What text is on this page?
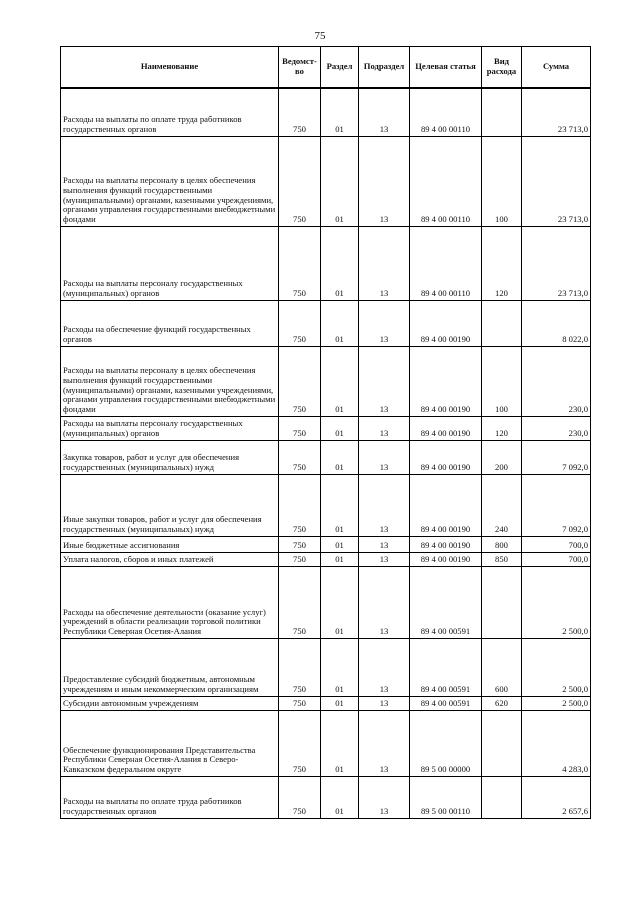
75
Наименование	Ведомст-во	Раздел	Подраздел	Целевая статья	Вид расхода	Сумма
Расходы на выплаты по оплате труда работников государственных органов	750	01	13	89 4 00 00110		23 713,0
Расходы на выплаты персоналу в целях обеспечения выполнения функций государственными (муниципальными) органами, казенными учреждениями, органами управления государственными внебюджетными фондами	750	01	13	89 4 00 00110	100	23 713,0
Расходы на выплаты персоналу государственных (муниципальных) органов	750	01	13	89 4 00 00110	120	23 713,0
Расходы на обеспечение функций государственных органов	750	01	13	89 4 00 00190		8 022,0
Расходы на выплаты персоналу в целях обеспечения выполнения функций государственными (муниципальными) органами, казенными учреждениями, органами управления государственными внебюджетными фондами	750	01	13	89 4 00 00190	100	230,0
Расходы на выплаты персоналу государственных (муниципальных) органов	750	01	13	89 4 00 00190	120	230,0
Закупка товаров, работ и услуг для обеспечения государственных (муниципальных) нужд	750	01	13	89 4 00 00190	200	7 092,0
Иные закупки товаров, работ и услуг для обеспечения государственных (муниципальных) нужд	750	01	13	89 4 00 00190	240	7 092,0
Иные бюджетные ассигнования	750	01	13	89 4 00 00190	800	700,0
Уплата налогов, сборов и иных платежей	750	01	13	89 4 00 00190	850	700,0
Расходы на обеспечение деятельности (оказание услуг) учреждений в области реализации торговой политики Республики Северная Осетия-Алания	750	01	13	89 4 00 00591		2 500,0
Предоставление субсидий бюджетным, автономным учреждениям и иным некоммерческим организациям	750	01	13	89 4 00 00591	600	2 500,0
Субсидии автономным учреждениям	750	01	13	89 4 00 00591	620	2 500,0
Обеспечение функционирования Представительства Республики Северная Осетия-Алания в Северо-Кавказском федеральном округе	750	01	13	89 5 00 00000		4 283,0
Расходы на выплаты по оплате труда работников государственных органов	750	01	13	89 5 00 00110		2 657,6
